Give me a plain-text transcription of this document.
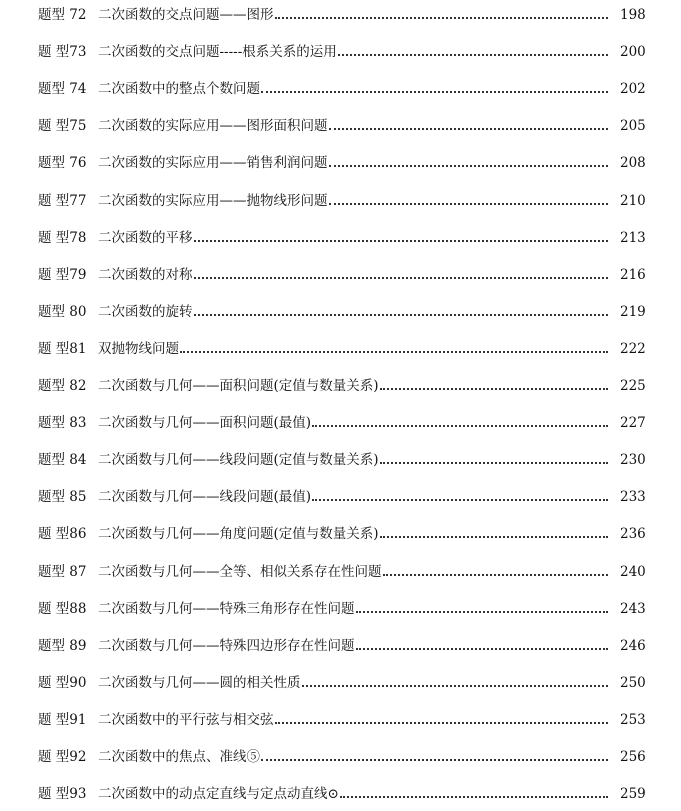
题型 72 二次函数的交点问题——图形	198
题 型73 二次函数的交点问题-----根系关系的运用	200
题型 74 二次函数中的整点个数问题	202
题 型75 二次函数的实际应用——图形面积问题	205
题型 76 二次函数的实际应用——销售利润问题	208
题 型77 二次函数的实际应用——抛物线形问题	210
题 型78 二次函数的平移	213
题 型79 二次函数的对称	216
题型 80 二次函数的旋转	219
题 型81 双抛物线问题	222
题型 82 二次函数与几何——面积问题(定值与数量关系)	225
题型 83 二次函数与几何——面积问题(最值)	227
题型 84 二次函数与几何——线段问题(定值与数量关系)	230
题型 85 二次函数与几何——线段问题(最值)	233
题 型86 二次函数与几何——角度问题(定值与数量关系)	236
题型 87 二次函数与几何——全等、相似关系存在性问题	240
题 型88 二次函数与几何——特殊三角形存在性问题	243
题型 89 二次函数与几何——特殊四边形存在性问题	246
题 型90 二次函数与几何——圆的相关性质	250
题 型91 二次函数中的平行弦与相交弦	253
题 型92 二次函数中的焦点、准线⑤	256
题 型93 二次函数中的动点定直线与定点动直线⊙	259
